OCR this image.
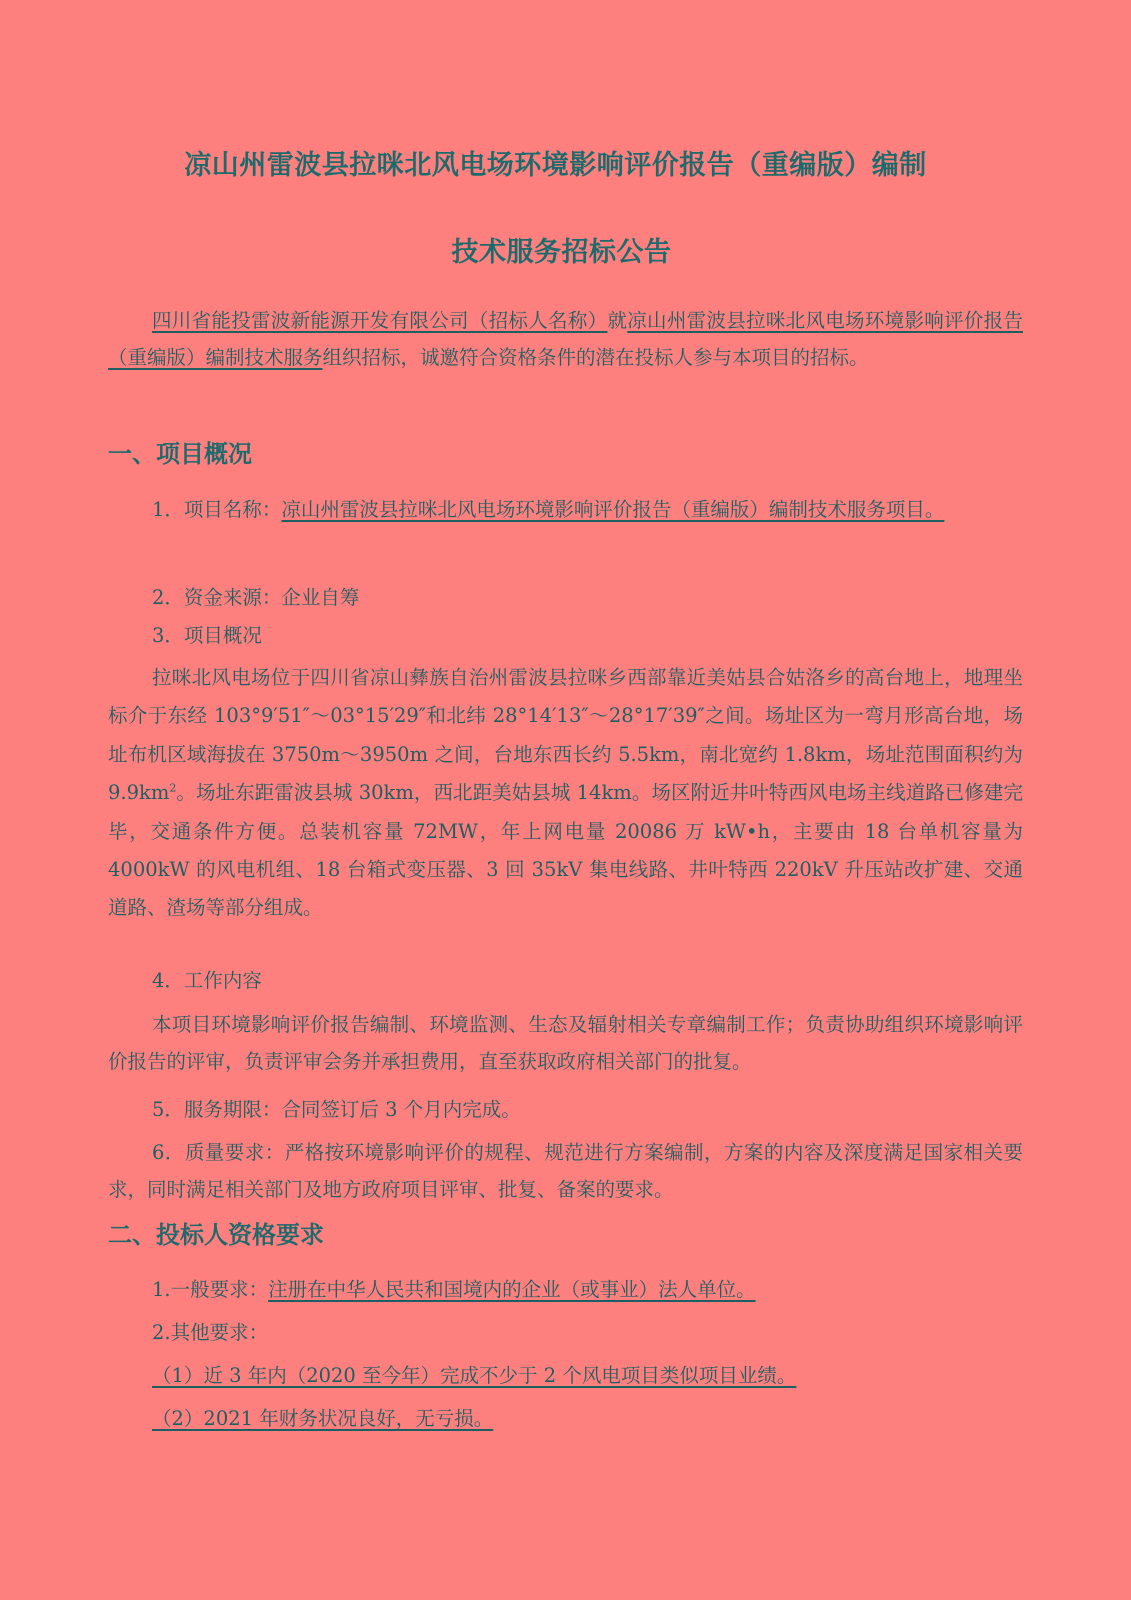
凉山州雷波县拉咪北风电场环境影响评价报告（重编版）编制
技术服务招标公告
四川省能投雷波新能源开发有限公司（招标人名称）就凉山州雷波县拉咪北风电场环境影响评价报告（重编版）编制技术服务组织招标，诚邀符合资格条件的潜在投标人参与本项目的招标。
一、项目概况
1．项目名称：凉山州雷波县拉咪北风电场环境影响评价报告（重编版）编制技术服务项目。
2．资金来源：企业自筹
3．项目概况
拉咪北风电场位于四川省凉山彝族自治州雷波县拉咪乡西部靠近美姑县合姑洛乡的高台地上，地理坐标介于东经 103°9′51″～03°15′29″和北纬 28°14′13″～28°17′39″之间。场址区为一弯月形高台地，场址布机区域海拔在 3750m～3950m 之间，台地东西长约 5.5km，南北宽约 1.8km，场址范围面积约为 $9.9km^2$。场址东距雷波县城 30km，西北距美姑县城 14km。场区附近井叶特西风电场主线道路已修建完毕，交通条件方便。总装机容量 72MW，年上网电量 20086 万 kW•h，主要由 18 台单机容量为 4000kW 的风电机组、18 台箱式变压器、3 回 35kV 集电线路、井叶特西 220kV 升压站改扩建、交通道路、渣场等部分组成。
4．工作内容
本项目环境影响评价报告编制、环境监测、生态及辐射相关专章编制工作；负责协助组织环境影响评价报告的评审，负责评审会务并承担费用，直至获取政府相关部门的批复。
5．服务期限：合同签订后 3 个月内完成。
6．质量要求：严格按环境影响评价的规程、规范进行方案编制，方案的内容及深度满足国家相关要求，同时满足相关部门及地方政府项目评审、批复、备案的要求。
二、投标人资格要求
1.一般要求：注册在中华人民共和国境内的企业（或事业）法人单位。
2.其他要求：
（1）近 3 年内（2020 至今年）完成不少于 2 个风电项目类似项目业绩。
（2）2021 年财务状况良好，无亏损。
